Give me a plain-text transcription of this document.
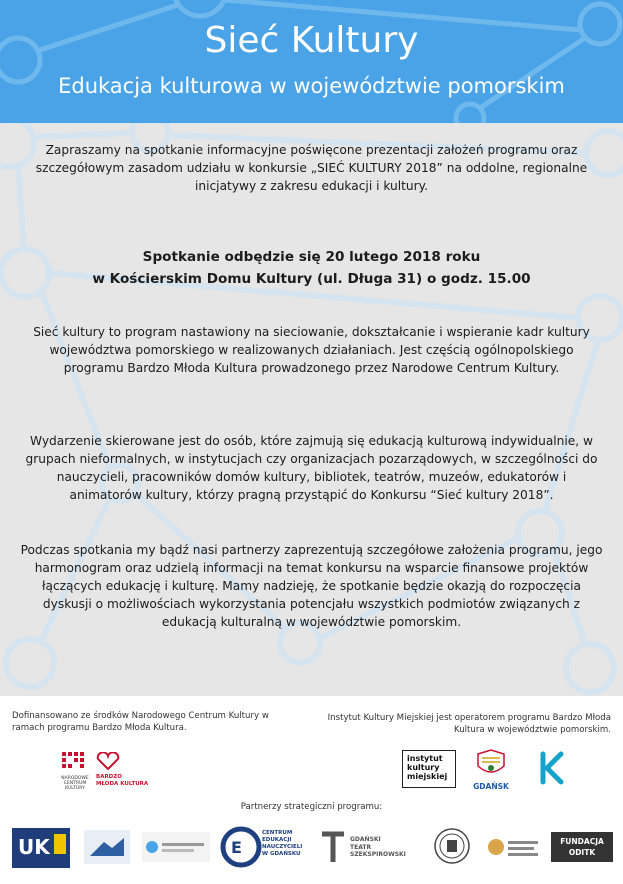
Sieć Kultury
Edukacja kulturowa w województwie pomorskim
Zapraszamy na spotkanie informacyjne poświęcone prezentacji założeń programu oraz szczegółowym zasadom udziału w konkursie „SIEĆ KULTURY 2018” na oddolne, regionalne inicjatywy z zakresu edukacji i kultury.
Spotkanie odbędzie się 20 lutego 2018 roku
w Kościerskim Domu Kultury (ul. Długa 31) o godz. 15.00
Sieć kultury to program nastawiony na sieciowanie, dokształcanie i wspieranie kadr kultury województwa pomorskiego w realizowanych działaniach. Jest częścią ogólnopolskiego programu Bardzo Młoda Kultura prowadzonego przez Narodowe Centrum Kultury.
Wydarzenie skierowane jest do osób, które zajmują się edukacją kulturową indywidualnie, w grupach nieformalnych, w instytucjach czy organizacjach pozarządowych, w szczególności do nauczycieli, pracowników domów kultury, bibliotek, teatrów, muzeów, edukatorów i animatorów kultury, którzy pragną przystąpić do Konkursu “Sieć kultury 2018”.
Podczas spotkania my bądź nasi partnerzy zaprezentują szczegółowe założenia programu, jego harmonogram oraz udzielą informacji na temat konkursu na wsparcie finansowe projektów łączących edukację i kulturę. Mamy nadzieję, że spotkanie będzie okazją do rozpoczęcia dyskusji o możliwościach wykorzystania potencjału wszystkich podmiotów związanych z edukacją kulturalną w województwie pomorskim.
Dofinansowano ze środków Narodowego Centrum Kultury w ramach programu Bardzo Młoda Kultura.
Instytut Kultury Miejskiej jest operatorem programu Bardzo Młoda Kultura w województwie pomorskim.
NARODOWE
CENTRUM
KULTURY
BARDZO
MŁODA KULTURA
instytut
kultury
miejskiej
GDAŃSK
Partnerzy strategiczni programu:
UK	E
CENTRUM
EDUKACJI
NAUCZYCIELI
W GDAŃSKU
GDAŃSKI
TEATR
SZEKSPIROWSKI
FUNDACJA
ODITK
